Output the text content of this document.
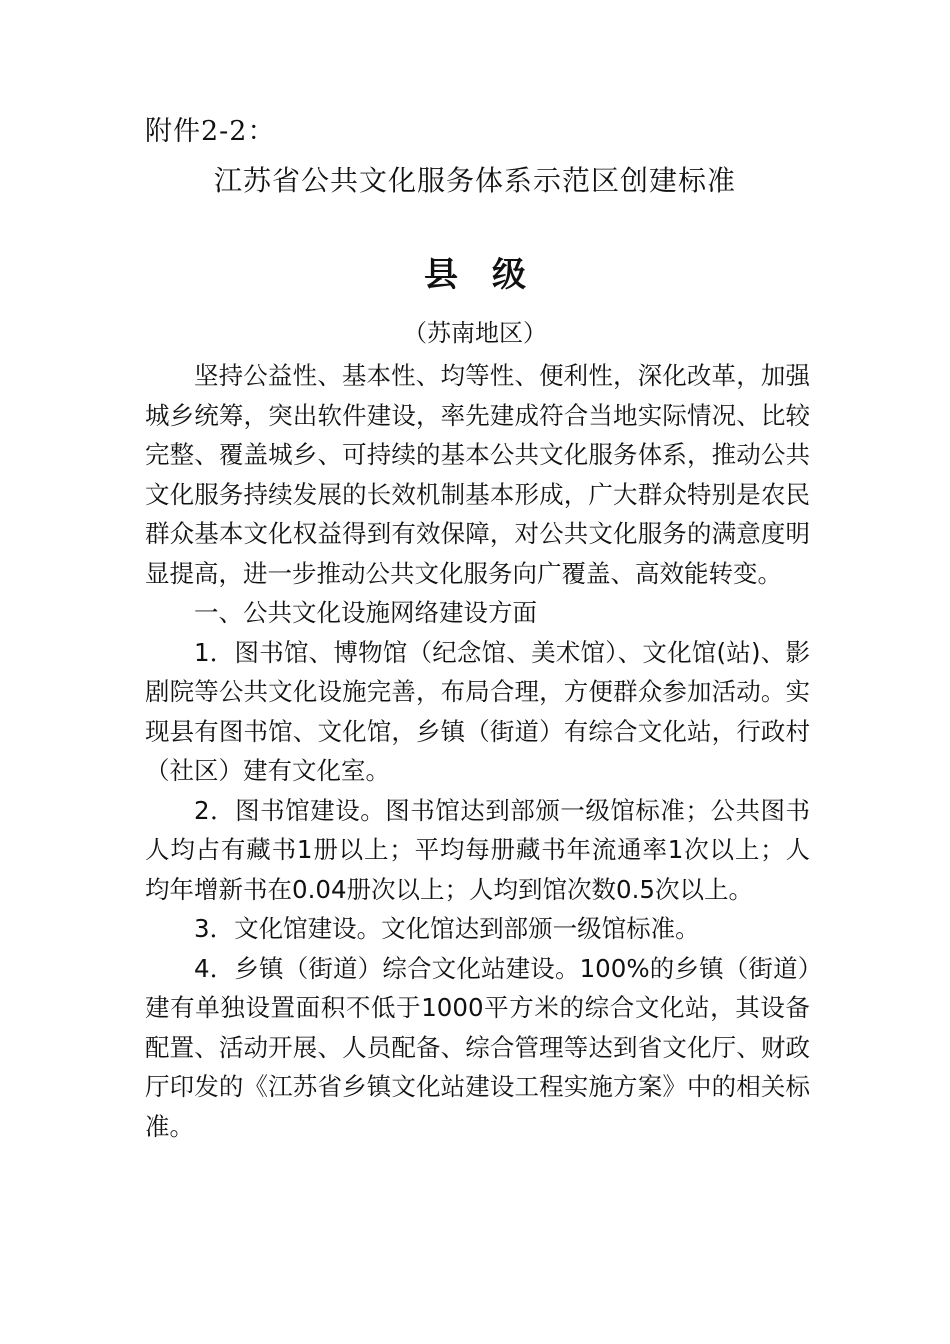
附件2-2：
江苏省公共文化服务体系示范区创建标准
县级
（苏南地区）

坚持公益性、基本性、均等性、便利性，深化改革，加强城乡统筹，突出软件建设，率先建成符合当地实际情况、比较完整、覆盖城乡、可持续的基本公共文化服务体系，推动公共文化服务持续发展的长效机制基本形成，广大群众特别是农民群众基本文化权益得到有效保障，对公共文化服务的满意度明显提高，进一步推动公共文化服务向广覆盖、高效能转变。

一、公共文化设施网络建设方面

1．图书馆、博物馆（纪念馆、美术馆）、文化馆(站)、影剧院等公共文化设施完善，布局合理，方便群众参加活动。实现县有图书馆、文化馆，乡镇（街道）有综合文化站，行政村（社区）建有文化室。

2．图书馆建设。图书馆达到部颁一级馆标准；公共图书人均占有藏书1册以上；平均每册藏书年流通率1次以上；人均年增新书在0.04册次以上；人均到馆次数0.5次以上。

3．文化馆建设。文化馆达到部颁一级馆标准。

4．乡镇（街道）综合文化站建设。100%的乡镇（街道）建有单独设置面积不低于1000平方米的综合文化站，其设备配置、活动开展、人员配备、综合管理等达到省文化厅、财政厅印发的《江苏省乡镇文化站建设工程实施方案》中的相关标准。
